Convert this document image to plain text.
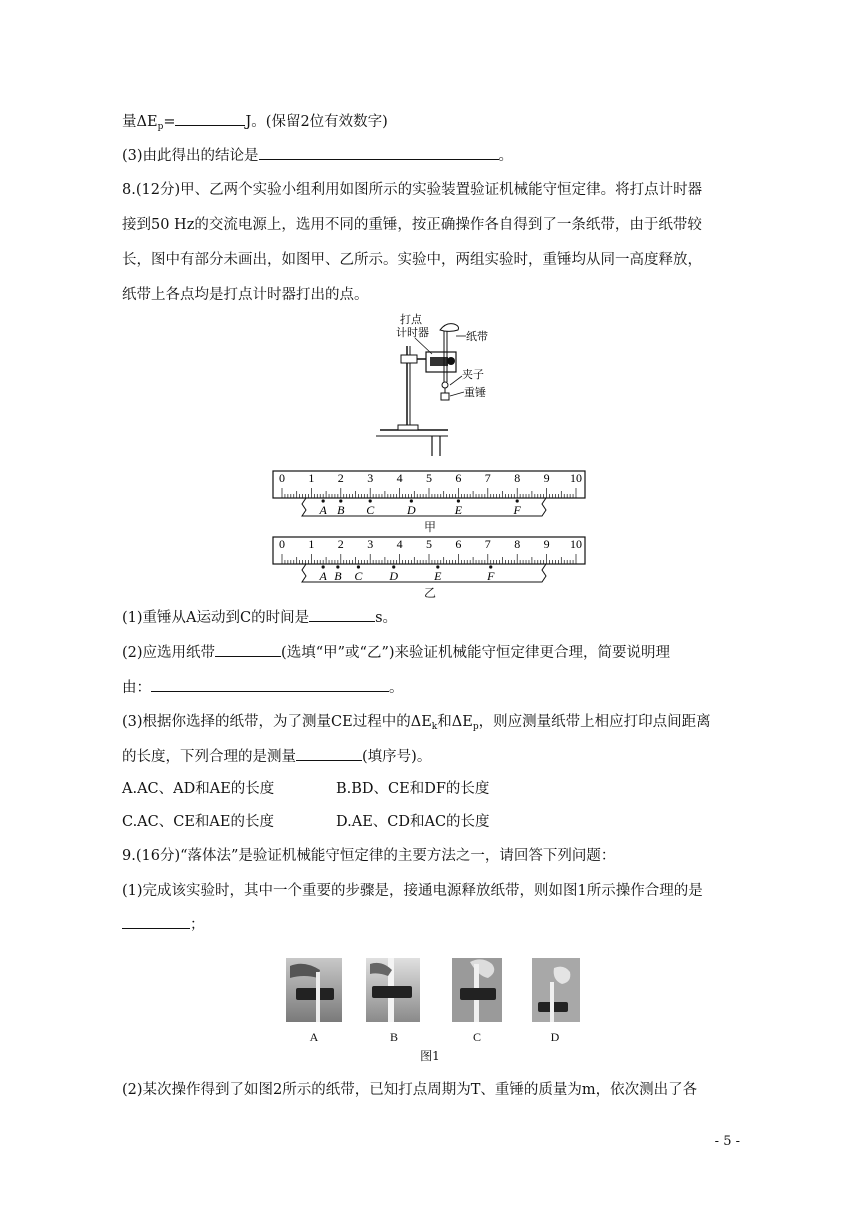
量$\Delta E_p=$	J。(保留2位有效数字)
(3)由此得出的结论是	。
8.(12分)甲、乙两个实验小组利用如图所示的实验装置验证机械能守恒定律。将打点计时器
接到50 Hz的交流电源上，选用不同的重锤，按正确操作各自得到了一条纸带，由于纸带较
长，图中有部分未画出，如图甲、乙所示。实验中，两组实验时，重锤均从同一高度释放，
纸带上各点均是打点计时器打出的点。
打点
计时器	纸带
夹子
重锤
0 1 2 3 4 5 6 7 8 9 10
A B C	D	E	F
甲
0 1 2 3 4 5 6 7 8 9 10
A B C D	E	F
乙
(1)重锤从A运动到C的时间是	s。
(2)应选用纸带	(选填“甲”或“乙”)来验证机械能守恒定律更合理，简要说明理
由：	。
(3)根据你选择的纸带，为了测量CE过程中的$\Delta E_k$和$\Delta E_p$，则应测量纸带上相应打印点间距离
的长度，下列合理的是测量	(填序号)。
A.AC、AD和AE的长度	B.BD、CE和DF的长度
C.AC、CE和AE的长度	D.AE、CD和AC的长度
9.(16分)“落体法”是验证机械能守恒定律的主要方法之一，请回答下列问题：
(1)完成该实验时，其中一个重要的步骤是，接通电源释放纸带，则如图1所示操作合理的是
；
A	B	C	D
图1
(2)某次操作得到了如图2所示的纸带，已知打点周期为T、重锤的质量为m，依次测出了各
- 5 -
